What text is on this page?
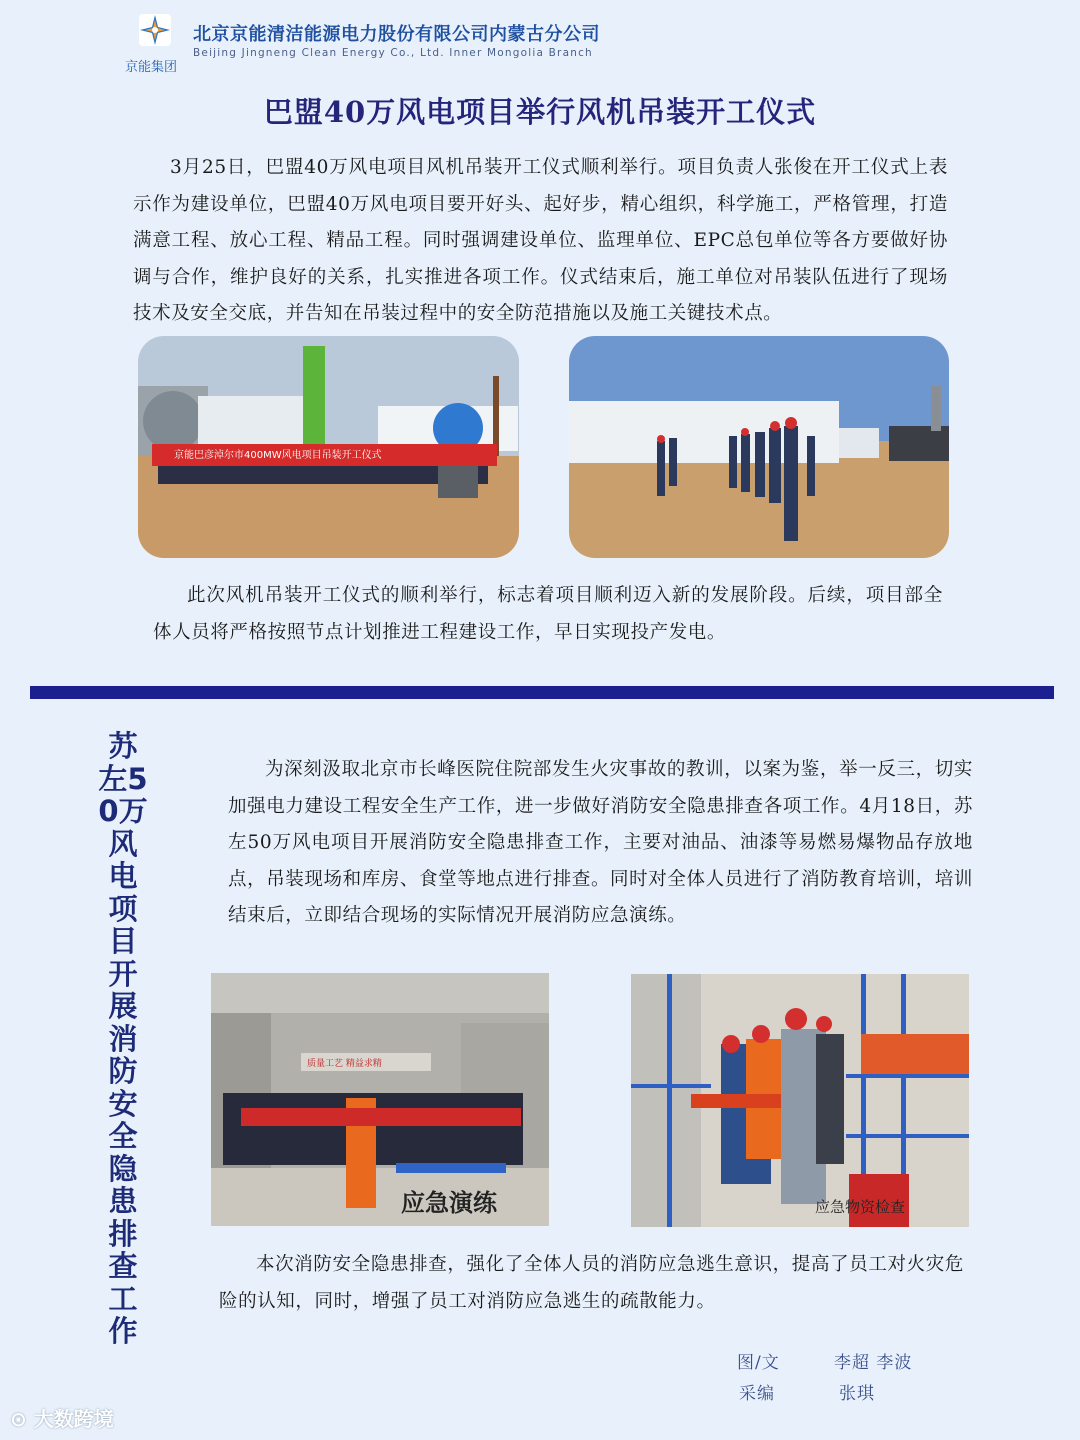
京能集团
北京京能清洁能源电力股份有限公司内蒙古分公司
Beijing Jingneng Clean Energy Co., Ltd. Inner Mongolia Branch
巴盟40万风电项目举行风机吊装开工仪式
3月25日，巴盟40万风电项目风机吊装开工仪式顺利举行。项目负责人张俊在开工仪式上表示作为建设单位，巴盟40万风电项目要开好头、起好步，精心组织，科学施工，严格管理，打造满意工程、放心工程、精品工程。同时强调建设单位、监理单位、EPC总包单位等各方要做好协调与合作，维护良好的关系，扎实推进各项工作。仪式结束后，施工单位对吊装队伍进行了现场技术及安全交底，并告知在吊装过程中的安全防范措施以及施工关键技术点。
京能巴彦淖尔市400MW风电项目吊装开工仪式
此次风机吊装开工仪式的顺利举行，标志着项目顺利迈入新的发展阶段。后续，项目部全体人员将严格按照节点计划推进工程建设工作，早日实现投产发电。
苏左50万风电项目开展消防安全隐患排查工作
为深刻汲取北京市长峰医院住院部发生火灾事故的教训，以案为鉴，举一反三，切实加强电力建设工程安全生产工作，进一步做好消防安全隐患排查各项工作。4月18日，苏左50万风电项目开展消防安全隐患排查工作，主要对油品、油漆等易燃易爆物品存放地点，吊装现场和库房、食堂等地点进行排查。同时对全体人员进行了消防教育培训，培训结束后，立即结合现场的实际情况开展消防应急演练。
质量工艺 精益求精
应急演练	应急物资检查
本次消防安全隐患排查，强化了全体人员的消防应急逃生意识，提高了员工对火灾危险的认知，同时，增强了员工对消防应急逃生的疏散能力。
图/文	李超 李波
采编	张琪
⊙ 大数跨境
